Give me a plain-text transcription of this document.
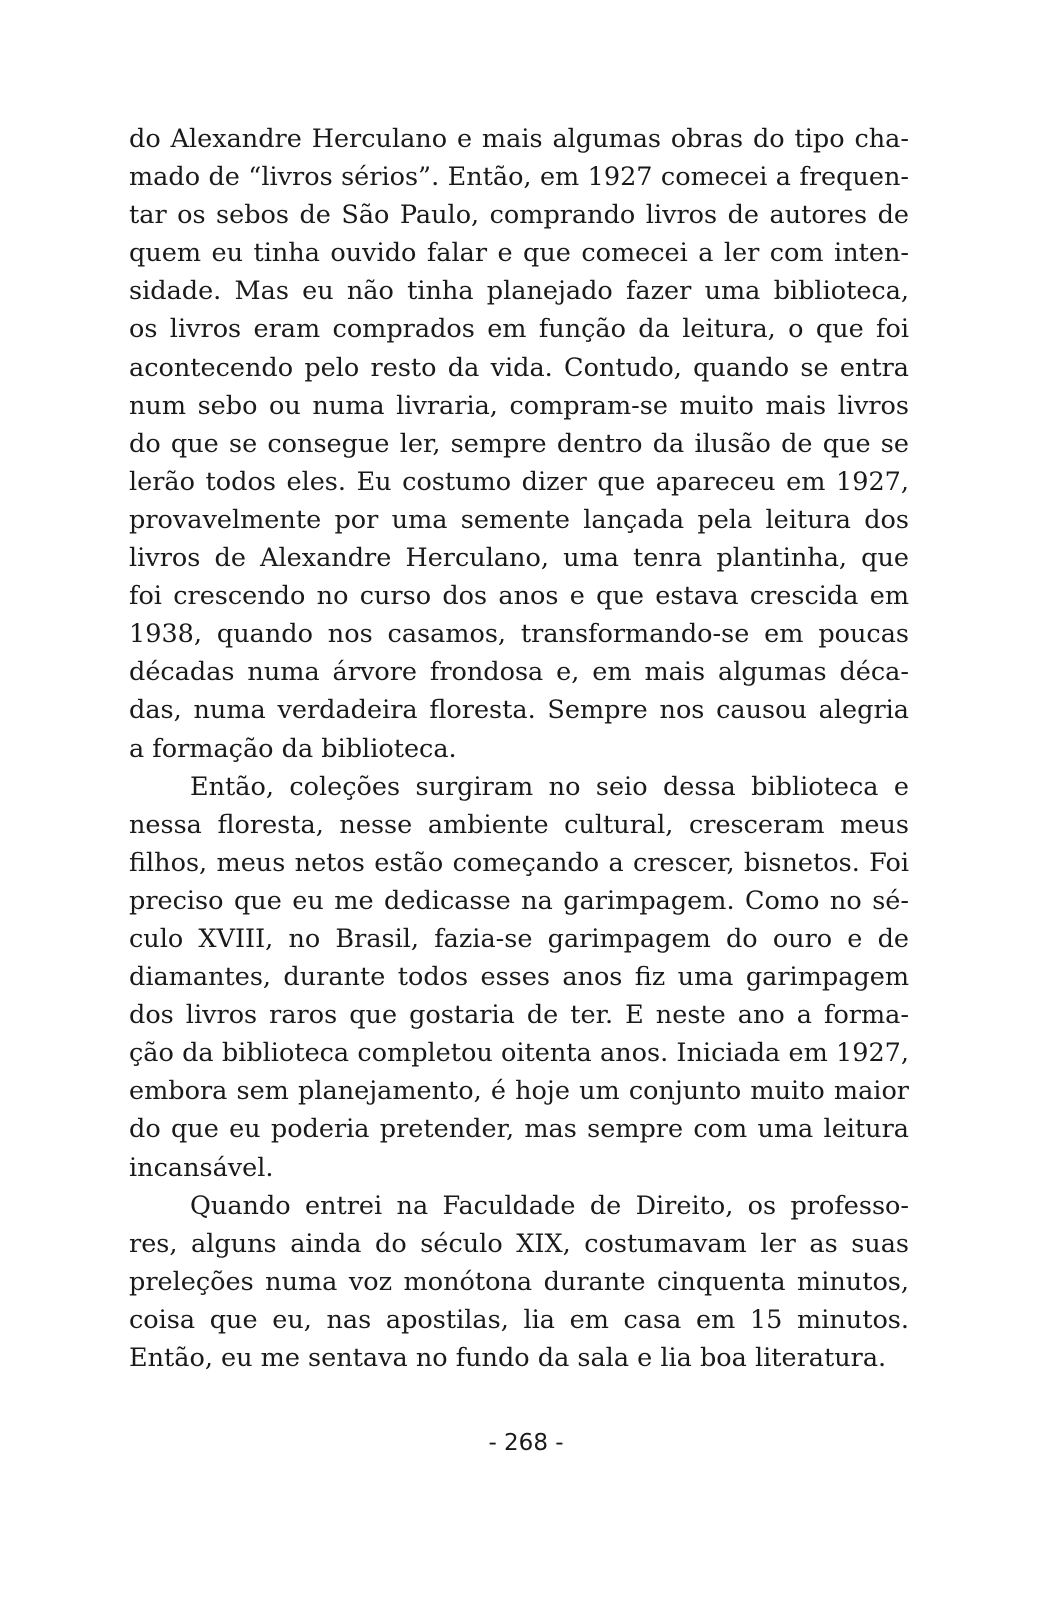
do Alexandre Herculano e mais algumas obras do tipo cha-
mado de “livros sérios”. Então, em 1927 comecei a frequen-
tar os sebos de São Paulo, comprando livros de autores de
quem eu tinha ouvido falar e que comecei a ler com inten-
sidade. Mas eu não tinha planejado fazer uma biblioteca,
os livros eram comprados em função da leitura, o que foi
acontecendo pelo resto da vida. Contudo, quando se entra
num sebo ou numa livraria, compram-se muito mais livros
do que se consegue ler, sempre dentro da ilusão de que se
lerão todos eles. Eu costumo dizer que apareceu em 1927,
provavelmente por uma semente lançada pela leitura dos
livros de Alexandre Herculano, uma tenra plantinha, que
foi crescendo no curso dos anos e que estava crescida em
1938, quando nos casamos, transformando-se em poucas
décadas numa árvore frondosa e, em mais algumas déca-
das, numa verdadeira floresta. Sempre nos causou alegria
a formação da biblioteca.
Então, coleções surgiram no seio dessa biblioteca e
nessa floresta, nesse ambiente cultural, cresceram meus
filhos, meus netos estão começando a crescer, bisnetos. Foi
preciso que eu me dedicasse na garimpagem. Como no sé-
culo XVIII, no Brasil, fazia-se garimpagem do ouro e de
diamantes, durante todos esses anos fiz uma garimpagem
dos livros raros que gostaria de ter. E neste ano a forma-
ção da biblioteca completou oitenta anos. Iniciada em 1927,
embora sem planejamento, é hoje um conjunto muito maior
do que eu poderia pretender, mas sempre com uma leitura
incansável.
Quando entrei na Faculdade de Direito, os professo-
res, alguns ainda do século XIX, costumavam ler as suas
preleções numa voz monótona durante cinquenta minutos,
coisa que eu, nas apostilas, lia em casa em 15 minutos.
Então, eu me sentava no fundo da sala e lia boa literatura.
- 268 -
